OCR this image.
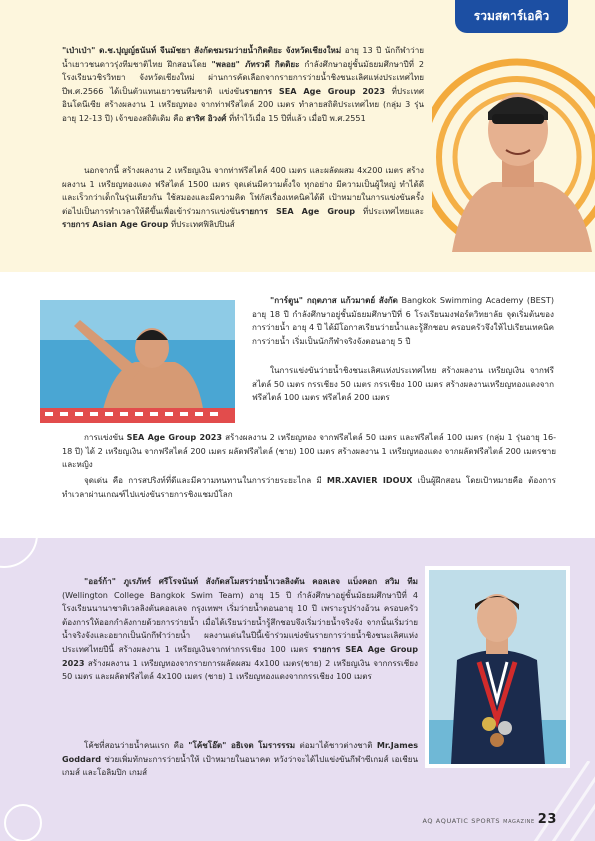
รวมสตาร์เอคิว

"เป่าเป่า" ด.ช.ปุญญ์ธนันท์ จีนมัชยา สังกัดชมรมว่ายน้ำกิตติยะ จังหวัดเชียงใหม่ อายุ 13 ปี นักกีฬาว่ายน้ำเยาวชนดาวรุ่งทีมชาติไทย ฝึกสอนโดย "พลอย" ภัทรวดี กิตติยะ กำลังศึกษาอยู่ชั้นมัธยมศึกษาปีที่ 2 โรงเรียนวชิรวิทยา จังหวัดเชียงใหม่ ผ่านการคัดเลือกจากรายการว่ายน้ำชิงชนะเลิศแห่งประเทศไทย ปีพ.ศ.2566 ได้เป็นตัวแทนเยาวชนทีมชาติ แข่งขันรายการ SEA Age Group 2023 ที่ประเทศอินโดนีเซีย สร้างผลงาน 1 เหรียญทอง จากท่าฟรีสไตล์ 200 เมตร ทำลายสถิติประเทศไทย (กลุ่ม 3 รุ่นอายุ 12-13 ปี) เจ้าของสถิติเดิม คือ สาริศ อิวงศ์ ที่ทำไว้เมื่อ 15 ปีที่แล้ว เมื่อปี พ.ศ.2551

นอกจากนี้ สร้างผลงาน 2 เหรียญเงิน จากท่าฟรีสไตล์ 400 เมตร และผลัดผสม 4x200 เมตร สร้างผลงาน 1 เหรียญทองแดง ฟรีสไตล์ 1500 เมตร จุดเด่นมีความตั้งใจ ทุกอย่าง มีความเป็นผู้ใหญ่ ทำได้ดีและเร็วกว่าเด็กในรุ่นเดียวกัน ใช้สมองและมีความคิด โฟกัสเรื่องเทคนิคได้ดี เป้าหมายในการแข่งขันครั้งต่อไปเป็นการทำเวลาให้ดีขึ้นเพื่อเข้าร่วมการแข่งขันรายการ SEA Age Group ที่ประเทศไทยและรายการ Asian Age Group ที่ประเทศฟิลิปปินส์

"การ์ตูน" กฤตภาส แก้วมาตย์ สังกัด Bangkok Swimming Academy (BEST) อายุ 18 ปี กำลังศึกษาอยู่ชั้นมัธยมศึกษาปีที่ 6 โรงเรียนมงฟอร์ตวิทยาลัย จุดเริ่มต้นของการว่ายน้ำ อายุ 4 ปี ได้มีโอกาสเรียนว่ายน้ำและรู้สึกชอบ ครอบครัวจึงให้ไปเรียนเทคนิคการว่ายน้ำ เริ่มเป็นนักกีฬาจริงจังตอนอายุ 5 ปี

ในการแข่งขันว่ายน้ำชิงชนะเลิศแห่งประเทศไทย สร้างผลงาน เหรียญเงิน จากฟรีสไตล์ 50 เมตร กรรเชียง 50 เมตร กรรเชียง 100 เมตร สร้างผลงานเหรียญทองแดงจากฟรีสไตล์ 100 เมตร ฟรีสไตล์ 200 เมตร

การแข่งขัน SEA Age Group 2023 สร้างผลงาน 2 เหรียญทอง จากฟรีสไตล์ 50 เมตร และฟรีสไตล์ 100 เมตร (กลุ่ม 1 รุ่นอายุ 16-18 ปี) ได้ 2 เหรียญเงิน จากฟรีสไตล์ 200 เมตร ผลัดฟรีสไตล์ (ชาย) 100 เมตร สร้างผลงาน 1 เหรียญทองแดง จากผลัดฟรีสไตล์ 200 เมตรชายและหญิง

จุดเด่น คือ การสปริงท์ที่ดีและมีความทนทานในการว่ายระยะไกล มี MR.XAVIER IDOUX เป็นผู้ฝึกสอน โดยเป้าหมายคือ ต้องการทำเวลาผ่านเกณฑ์ไปแข่งขันรายการชิงแชมป์โลก

"ออร์ก้า" ภูเรภัทร์ ศรีโรจนันท์ สังกัดสโมสรว่ายน้ำเวลลิงตัน คอลเลจ แบ็งคอก สวิม ทีม (Wellington College Bangkok Swim Team) อายุ 15 ปี กำลังศึกษาอยู่ชั้นมัธยมศึกษาปีที่ 4 โรงเรียนนานาชาติเวลลิงตันคอลเลจ กรุงเทพฯ เริ่มว่ายน้ำตอนอายุ 10 ปี เพราะรูปร่างอ้วน ครอบครัวต้องการให้ออกกำลังกายด้วยการว่ายน้ำ เมื่อได้เรียนว่ายน้ำรู้สึกชอบจึงเริ่มว่ายน้ำจริงจัง จากนั้นเริ่มว่ายน้ำจริงจังและอยากเป็นนักกีฬาว่ายน้ำ ผลงานเด่นในปีนี้เข้าร่วมแข่งขันรายการว่ายน้ำชิงชนะเลิศแห่งประเทศไทยปีนี้ สร้างผลงาน 1 เหรียญเงินจากท่ากรรเชียง 100 เมตร รายการ SEA Age Group 2023 สร้างผลงาน 1 เหรียญทองจากรายการผลัดผสม 4x100 เมตร(ชาย) 2 เหรียญเงิน จากกรรเชียง 50 เมตร และผลัดฟรีสไตล์ 4x100 เมตร (ชาย) 1 เหรียญทองแดงจากกรรเชียง 100 เมตร

โค้ชที่สอนว่ายน้ำคนแรก คือ "โค้ชโอ๊ต" อธิเจต โมรารรรม ต่อมาได้ชาวต่างชาติ Mr.James Goddard ช่วยเพิ่มทักษะการว่ายน้ำให้ เป้าหมายในอนาคต หวังว่าจะได้ไปแข่งขันกีฬาซีเกมส์ เอเชียนเกมส์ และโอลิมปิก เกมส์

AQ AQUATIC SPORTS MAGAZINE 23
